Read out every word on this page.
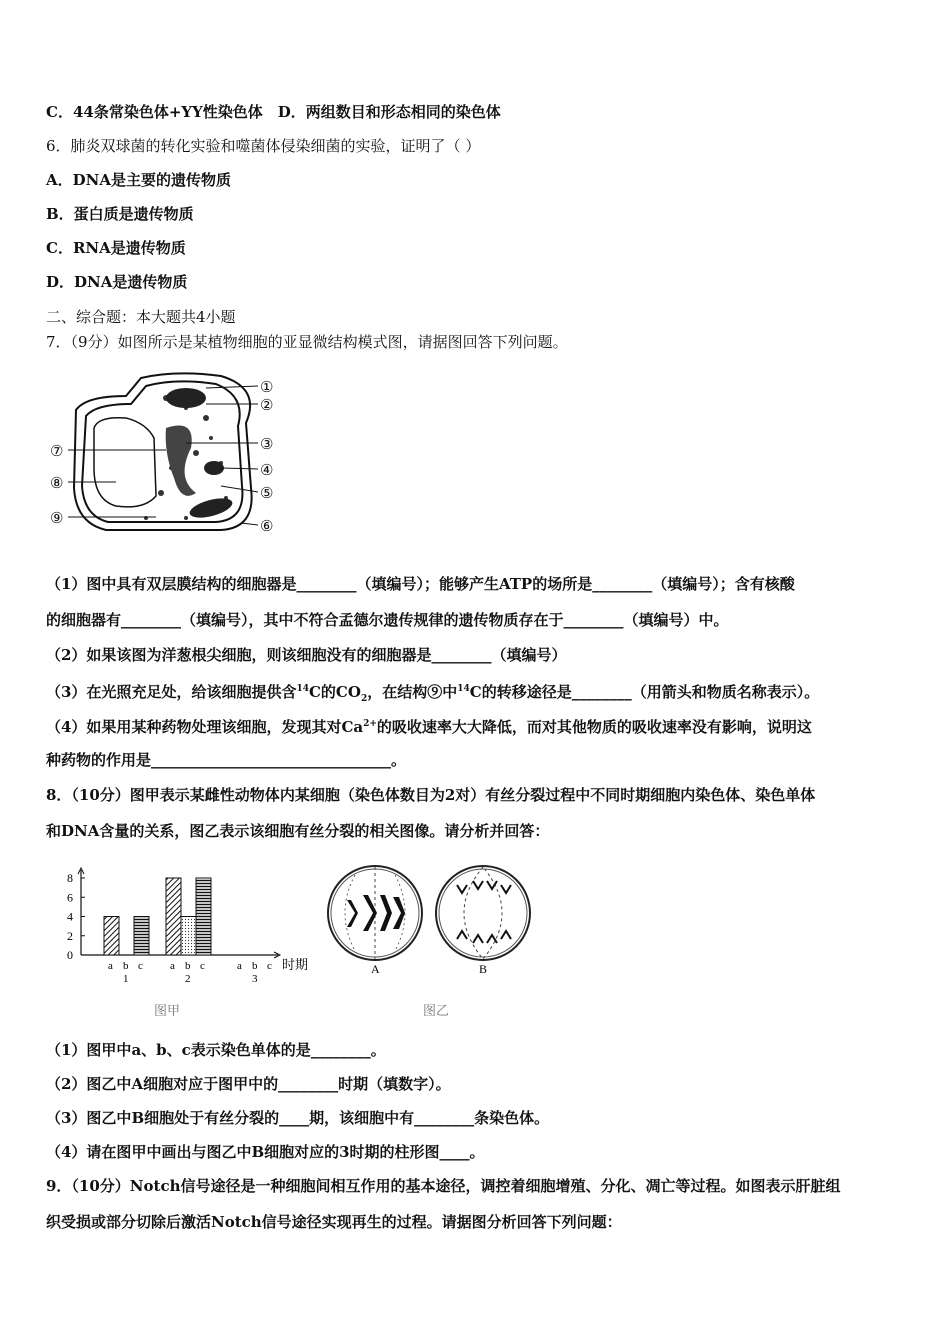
C．44条常染色体+YY性染色体　D．两组数目和形态相同的染色体
6．肺炎双球菌的转化实验和噬菌体侵染细菌的实验，证明了（ ）
A．DNA是主要的遗传物质
B．蛋白质是遗传物质
C．RNA是遗传物质
D．DNA是遗传物质
二、综合题：本大题共4小题
7．（9分）如图所示是某植物细胞的亚显微结构模式图，请据图回答下列问题。
①
②
③
④
⑤
⑥
⑦
⑧
⑨
（1）图中具有双层膜结构的细胞器是________（填编号）；能够产生ATP的场所是________（填编号）；含有核酸
的细胞器有________（填编号），其中不符合孟德尔遗传规律的遗传物质存在于________（填编号）中。
（2）如果该图为洋葱根尖细胞，则该细胞没有的细胞器是________（填编号）
（3）在光照充足处，给该细胞提供含$^{14}$C的$CO_2$，在结构⑨中$^{14}$C的转移途径是________（用箭头和物质名称表示）。
（4）如果用某种药物处理该细胞，发现其对$Ca^{2+}$的吸收速率大大降低，而对其他物质的吸收速率没有影响，说明这
种药物的作用是________________________________。
8．（10分）图甲表示某雌性动物体内某细胞（染色体数目为2对）有丝分裂过程中不同时期细胞内染色体、染色单体
和DNA含量的关系，图乙表示该细胞有丝分裂的相关图像。请分析并回答：
0
2
4
6
8
a b c
1
a b c
2
a b c
3
时期
图甲
A	B
图乙
（1）图甲中a、b、c表示染色单体的是________。
（2）图乙中A细胞对应于图甲中的________时期（填数字）。
（3）图乙中B细胞处于有丝分裂的____期，该细胞中有________条染色体。
（4）请在图甲中画出与图乙中B细胞对应的3时期的柱形图____。
9．（10分）Notch信号途径是一种细胞间相互作用的基本途径，调控着细胞增殖、分化、凋亡等过程。如图表示肝脏组
织受损或部分切除后激活Notch信号途径实现再生的过程。请据图分析回答下列问题：
